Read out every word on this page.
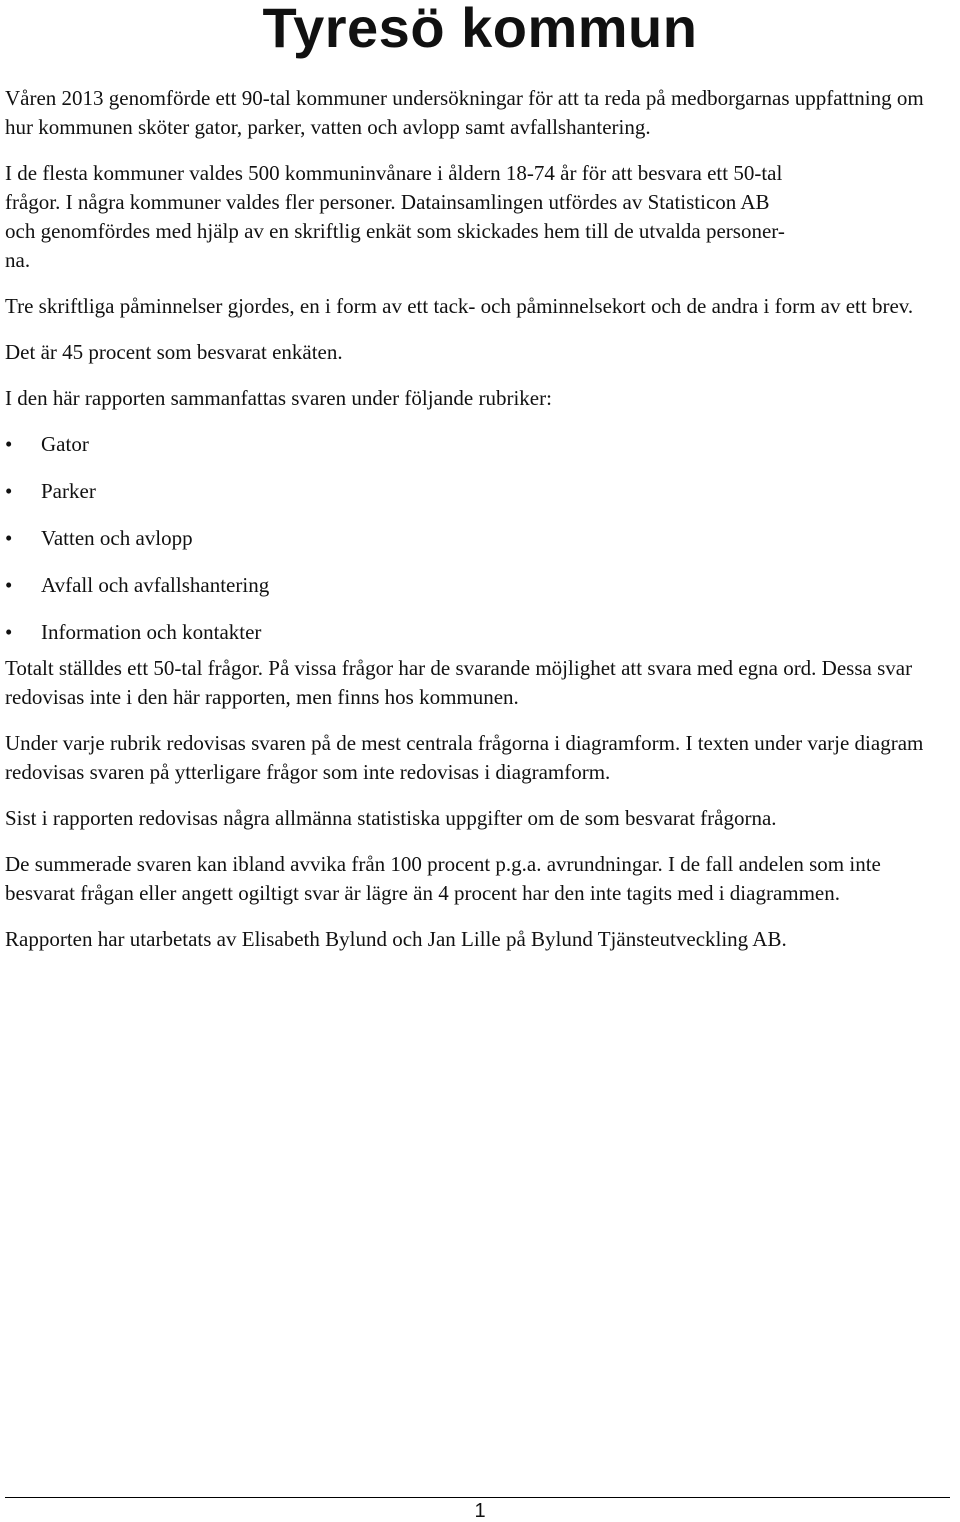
Tyresö kommun

Våren 2013 genomförde ett 90-tal kommuner undersökningar för att ta reda på medborgarnas uppfattning om hur kommunen sköter gator, parker, vatten och avlopp samt avfallshantering.

I de flesta kommuner valdes 500 kommuninvånare i åldern 18-74 år för att besvara ett 50-tal
frågor. I några kommuner valdes fler personer. Datainsamlingen utfördes av Statisticon AB
och genomfördes med hjälp av en skriftlig enkät som skickades hem till de utvalda personer-
na.

Tre skriftliga påminnelser gjordes, en i form av ett tack- och påminnelsekort och de andra i form av ett brev.

Det är 45 procent som besvarat enkäten.

I den här rapporten sammanfattas svaren under följande rubriker:

•	Gator
•	Parker
•	Vatten och avlopp
•	Avfall och avfallshantering
•	Information och kontakter

Totalt ställdes ett 50-tal frågor. På vissa frågor har de svarande möjlighet att svara med egna ord. Dessa svar redovisas inte i den här rapporten, men finns hos kommunen.

Under varje rubrik redovisas svaren på de mest centrala frågorna i diagramform. I texten under varje diagram redovisas svaren på ytterligare frågor som inte redovisas i diagramform.

Sist i rapporten redovisas några allmänna statistiska uppgifter om de som besvarat frågorna.

De summerade svaren kan ibland avvika från 100 procent p.g.a. avrundningar. I de fall andelen som inte besvarat frågan eller angett ogiltigt svar är lägre än 4 procent har den inte tagits med i diagrammen.

Rapporten har utarbetats av Elisabeth Bylund och Jan Lille på Bylund Tjänsteutveckling AB.

1
